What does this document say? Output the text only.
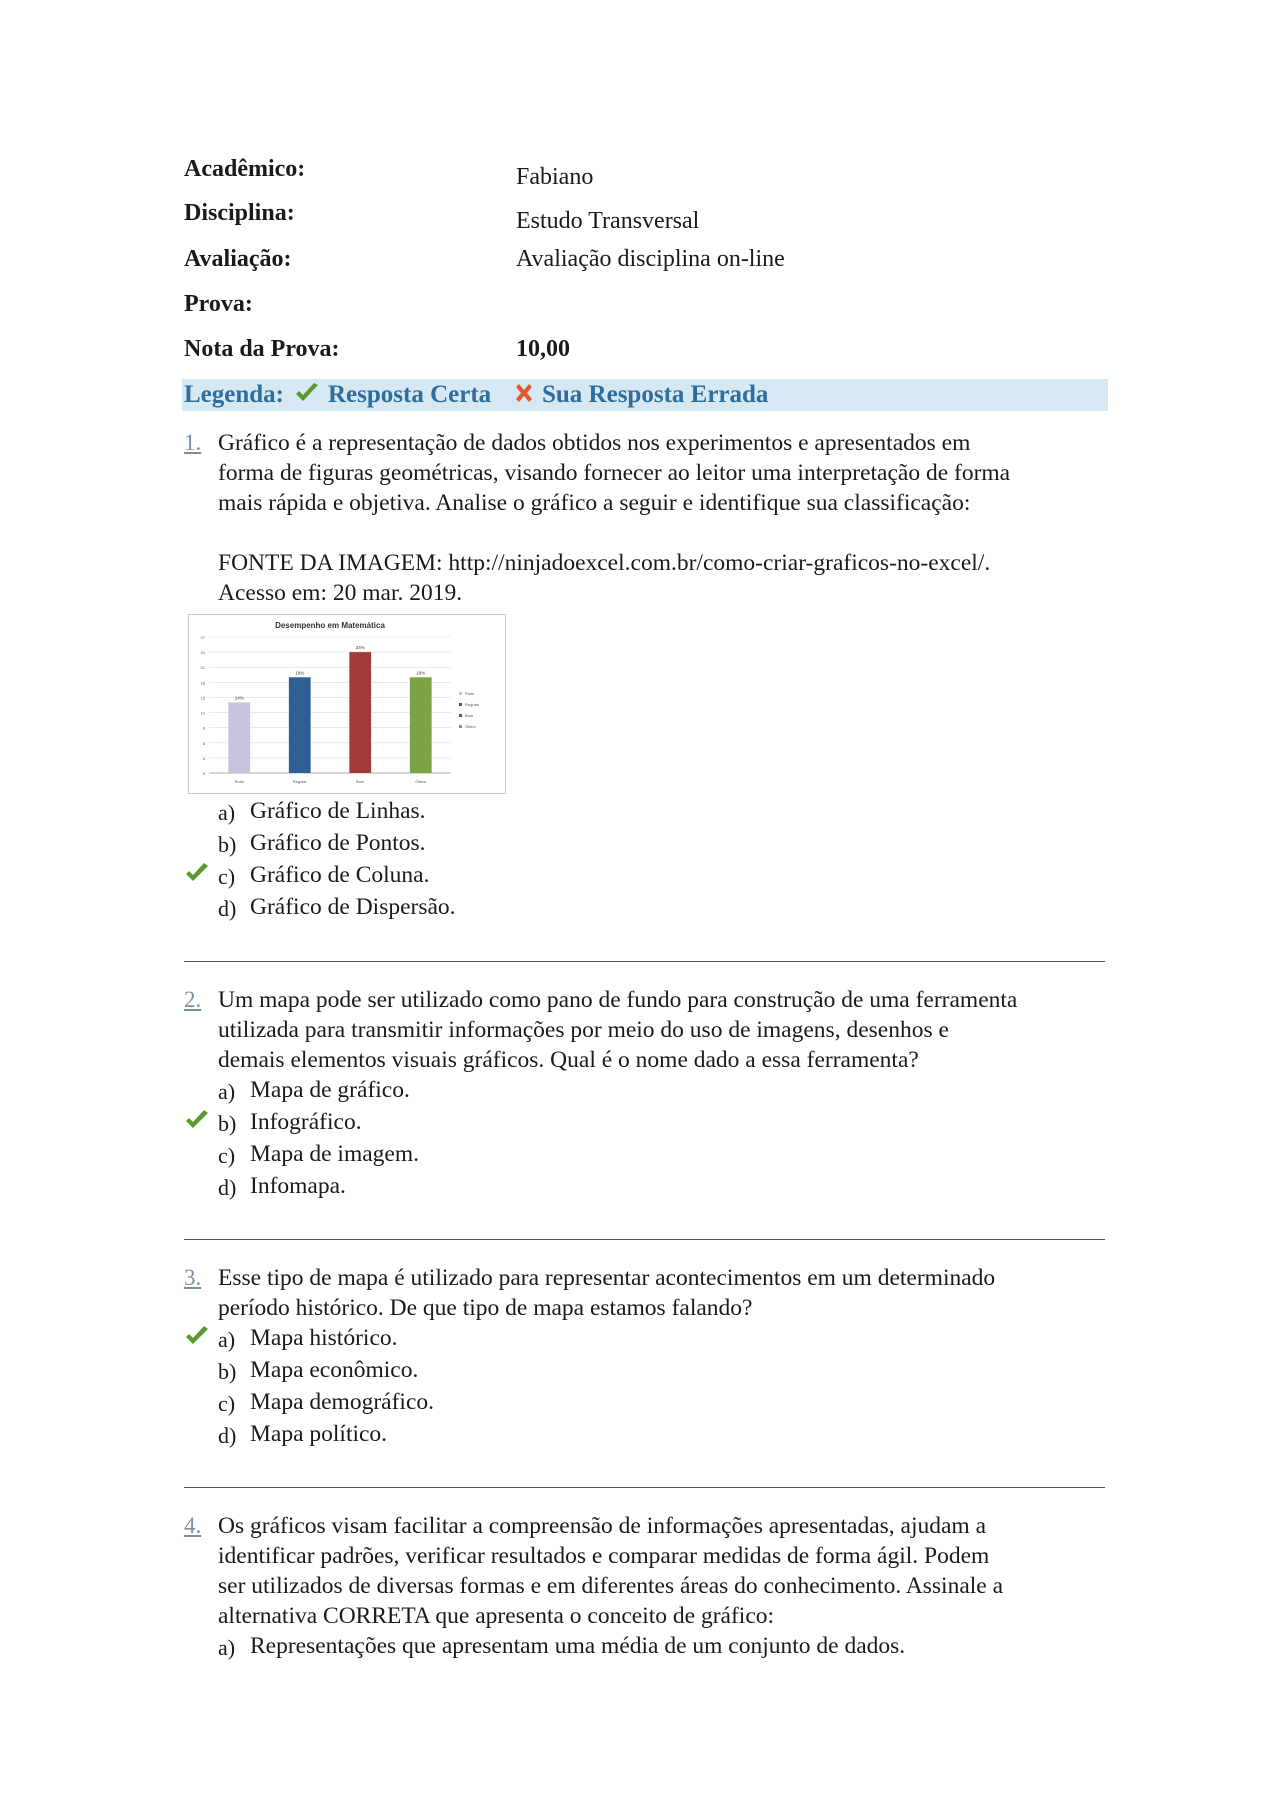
Acadêmico:	Fabiano
Disciplina:	Estudo Transversal
Avaliação:	Avaliação disciplina on-line
Prova:
Nota da Prova:	10,00
Legenda: Resposta Certa Sua Resposta Errada
1. Gráfico é a representação de dados obtidos nos experimentos e apresentados em
forma de figuras geométricas, visando fornecer ao leitor uma interpretação de forma
mais rápida e objetiva. Analise o gráfico a seguir e identifique sua classificação:

FONTE DA IMAGEM: http://ninjadoexcel.com.br/como-criar-graficos-no-excel/.
Acesso em: 20 mar. 2019.
Desempenho em Matemática
0
3
6
9
12
15
18
21
24
27
14%
Ruim
19%
Regular
24%
Bom
19%
Ótimo
Ruim
Regular
Bom
Ótimo
a) Gráfico de Linhas.
b) Gráfico de Pontos.
c) Gráfico de Coluna.
d) Gráfico de Dispersão.
2. Um mapa pode ser utilizado como pano de fundo para construção de uma ferramenta
utilizada para transmitir informações por meio do uso de imagens, desenhos e
demais elementos visuais gráficos. Qual é o nome dado a essa ferramenta?
a) Mapa de gráfico.
b) Infográfico.
c) Mapa de imagem.
d) Infomapa.
3. Esse tipo de mapa é utilizado para representar acontecimentos em um determinado
período histórico. De que tipo de mapa estamos falando?
a) Mapa histórico.
b) Mapa econômico.
c) Mapa demográfico.
d) Mapa político.
4. Os gráficos visam facilitar a compreensão de informações apresentadas, ajudam a
identificar padrões, verificar resultados e comparar medidas de forma ágil. Podem
ser utilizados de diversas formas e em diferentes áreas do conhecimento. Assinale a
alternativa CORRETA que apresenta o conceito de gráfico:
a) Representações que apresentam uma média de um conjunto de dados.
